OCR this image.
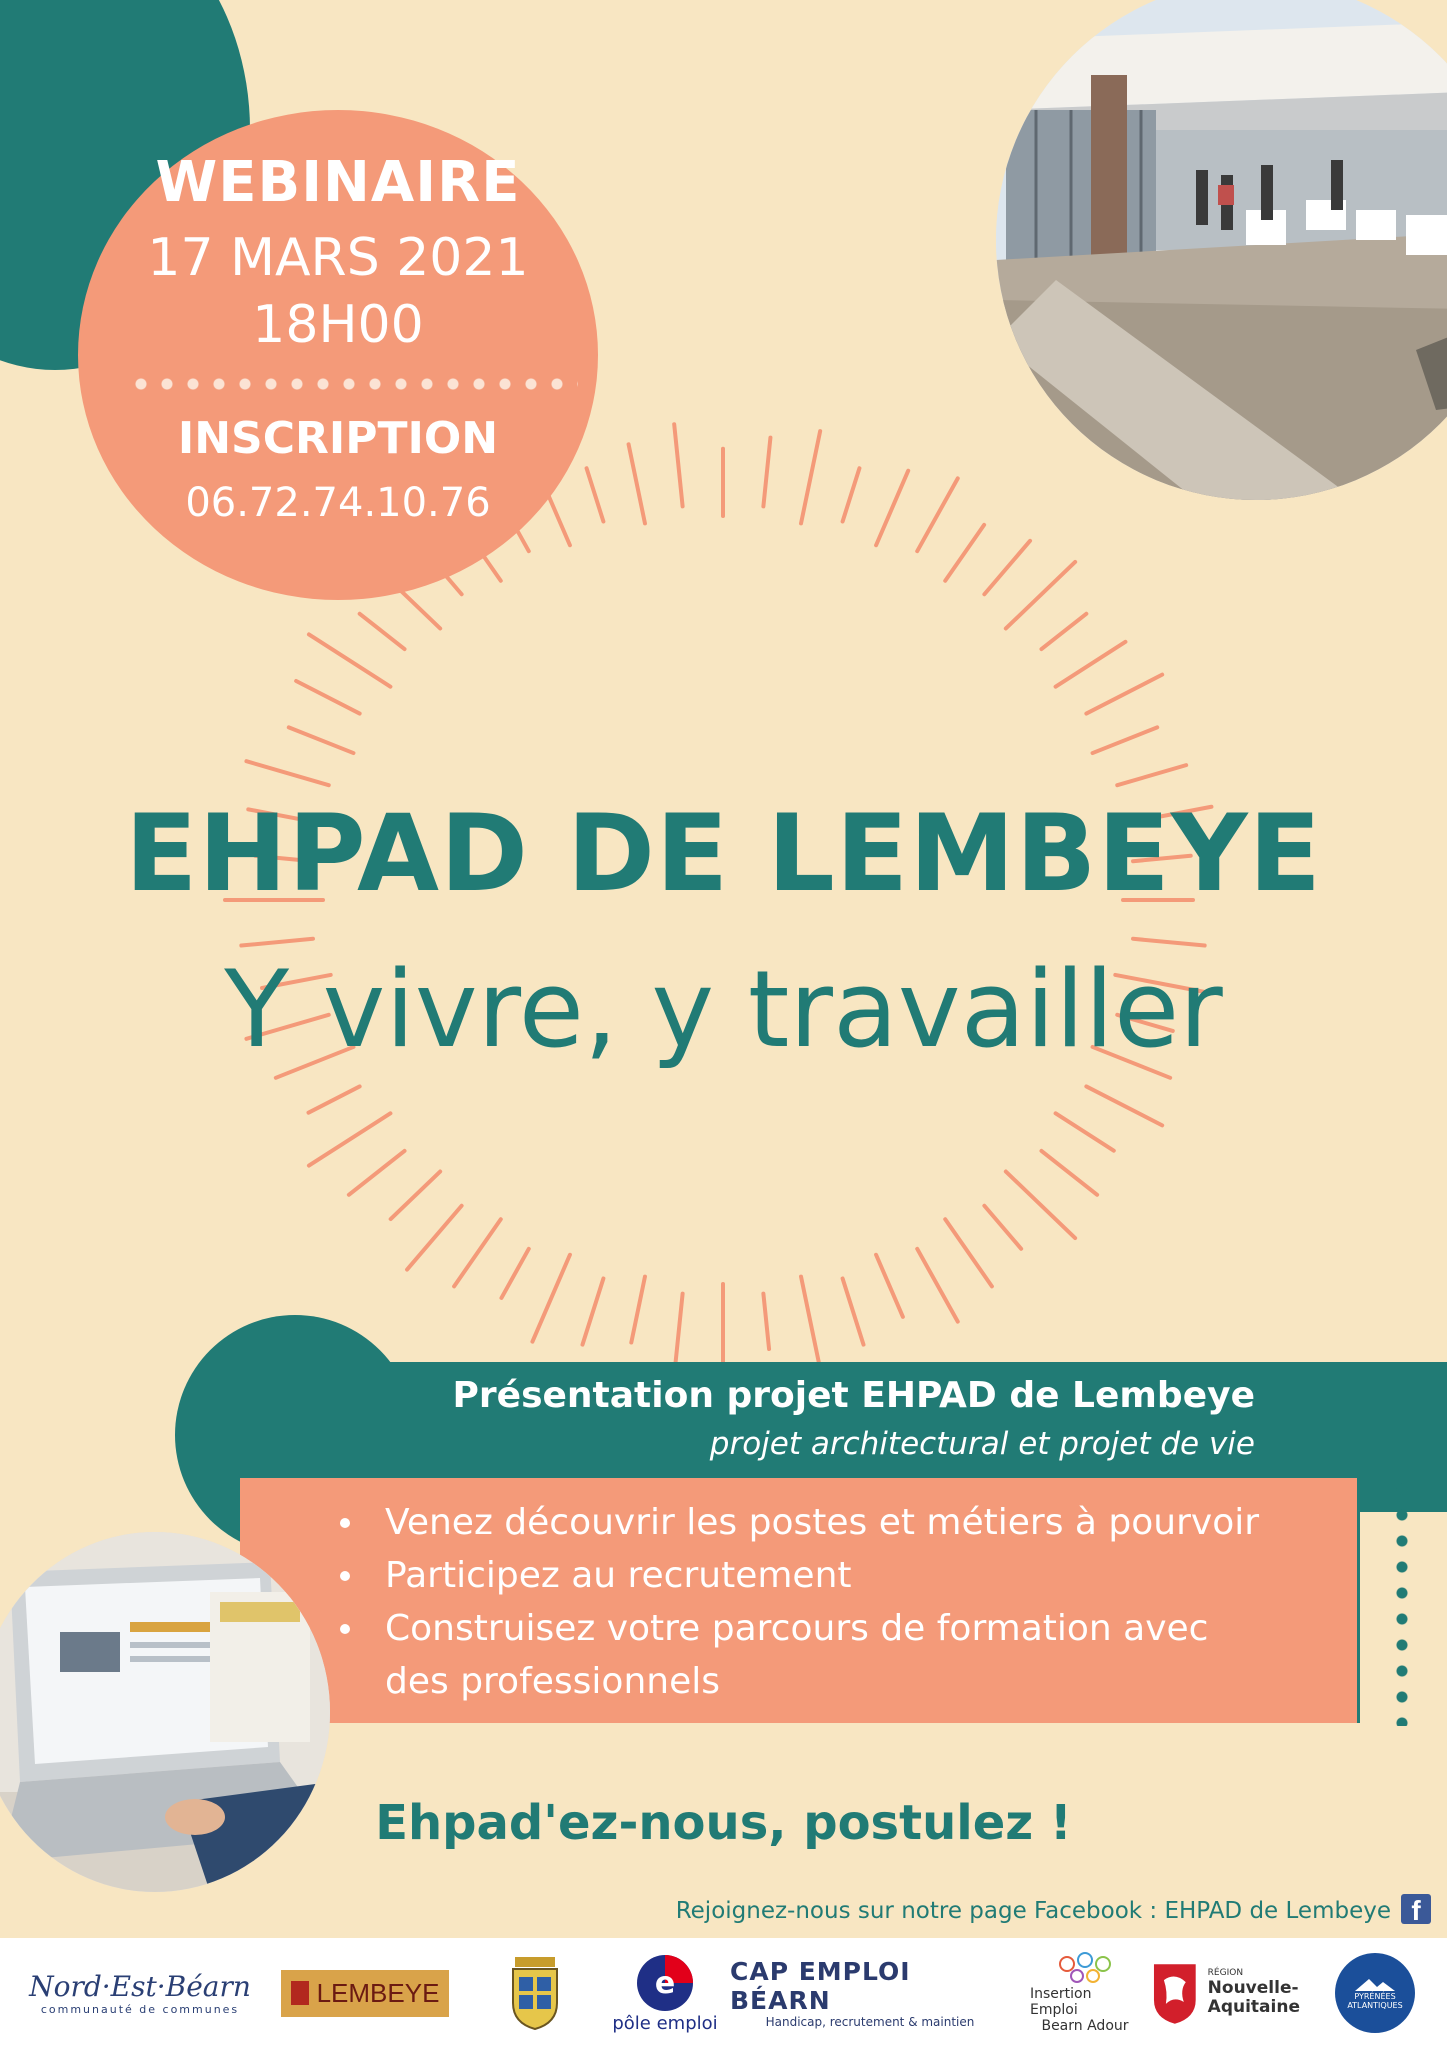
WEBINAIRE
17 MARS 2021
18H00
INSCRIPTION
06.72.74.10.76
EHPAD DE LEMBEYE
Y vivre, y travailler
Présentation projet EHPAD de Lembeye
projet architectural et projet de vie
Venez découvrir les postes et métiers à pourvoir
Participez au recrutement
Construisez votre parcours de formation avec des professionnels
Ehpad'ez-nous, postulez !
Rejoignez-nous sur notre page Facebook : EHPAD de Lembeye f
Nord·Est·Béarn
communauté de communes
LEMBEYE	e
pôle emploi
CAP EMPLOI BÉARN
Handicap, recrutement & maintien
Insertion Emploi
Bearn Adour
RÉGION
Nouvelle-
Aquitaine
PYRÉNÉES ATLANTIQUES
